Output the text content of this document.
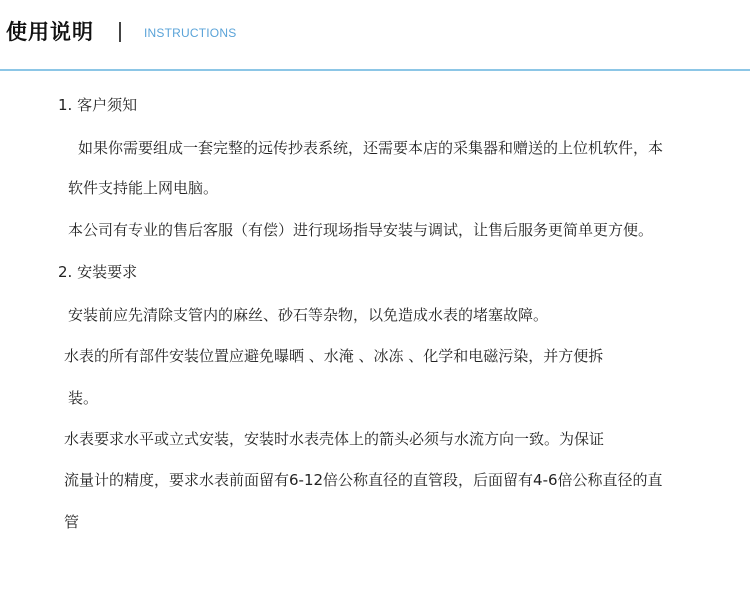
使用说明	INSTRUCTIONS
1. 客户须知
如果你需要组成一套完整的远传抄表系统，还需要本店的采集器和赠送的上位机软件，本
软件支持能上网电脑。
本公司有专业的售后客服（有偿）进行现场指导安装与调试，让售后服务更简单更方便。
2. 安装要求
安装前应先清除支管内的麻丝、砂石等杂物，以免造成水表的堵塞故障。
水表的所有部件安装位置应避免曝晒 、水淹 、冰冻 、化学和电磁污染，并方便拆
装。
水表要求水平或立式安装，安装时水表壳体上的箭头必须与水流方向一致。为保证
流量计的精度，要求水表前面留有6-12倍公称直径的直管段，后面留有4-6倍公称直径的直
管
